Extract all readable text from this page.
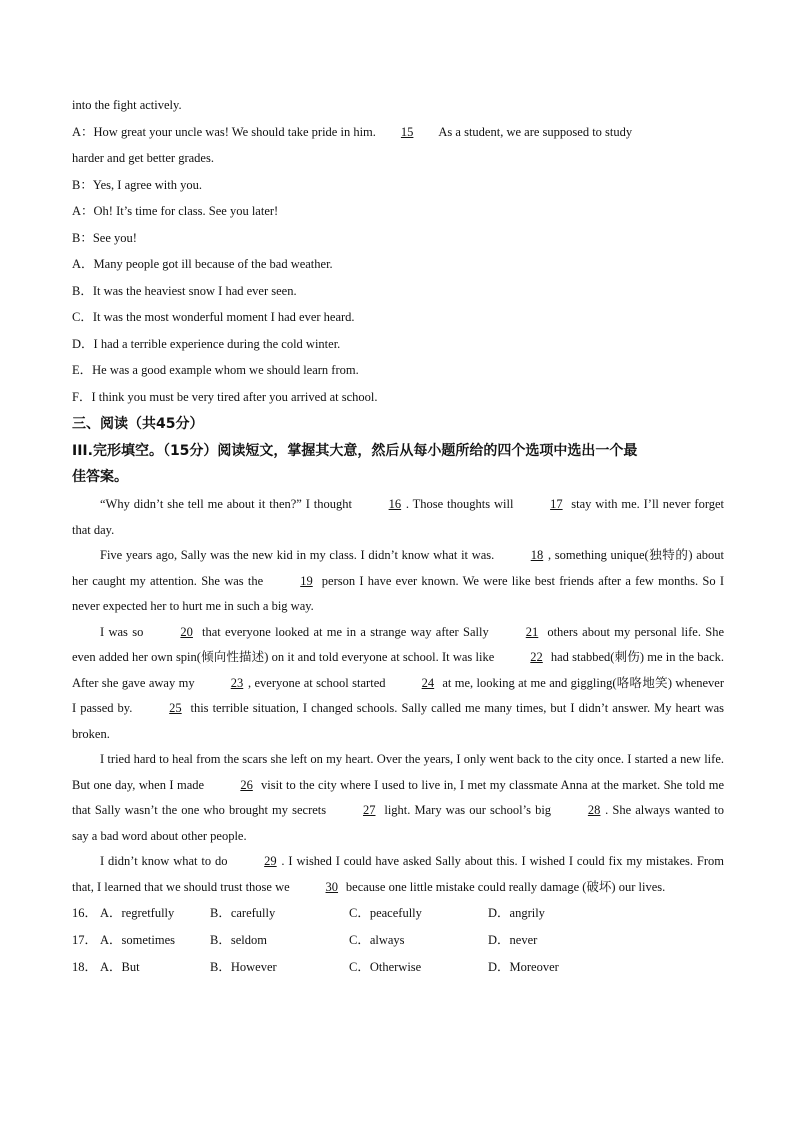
into the fight actively.
A：How great your uncle was! We should take pride in him. 15 As a student, we are supposed to study
harder and get better grades.
B：Yes, I agree with you.
A：Oh! It’s time for class. See you later!
B：See you!
A．Many people got ill because of the bad weather.
B．It was the heaviest snow I had ever seen.
C．It was the most wonderful moment I had ever heard.
D．I had a terrible experience during the cold winter.
E．He was a good example whom we should learn from.
F．I think you must be very tired after you arrived at school.
三、阅读（共45分）
III.完形填空。（15分）阅读短文，掌握其大意，然后从每小题所给的四个选项中选出一个最
佳答案。

“Why didn’t she tell me about it then?” I thought	16 . Those thoughts will	17 stay with me. I’ll never forget that day.

Five years ago, Sally was the new kid in my class. I didn’t know what it was.	18 , something unique(独特的) about her caught my attention. She was the	19 person I have ever known. We were like best friends after a few months. So I never expected her to hurt me in such a big way.

I was so	20 that everyone looked at me in a strange way after Sally	21 others about my personal life. She even added her own spin(倾向性描述) on it and told everyone at school. It was like	22 had stabbed(刺伤) me in the back. After she gave away my	23 , everyone at school started	24 at me, looking at me and giggling(咯咯地笑) whenever I passed by.	25 this terrible situation, I changed schools. Sally called me many times, but I didn’t answer. My heart was broken.

I tried hard to heal from the scars she left on my heart. Over the years, I only went back to the city once. I started a new life. But one day, when I made	26 visit to the city where I used to live in, I met my classmate Anna at the market. She told me that Sally wasn’t the one who brought my secrets	27 light. Mary was our school’s big	28 . She always wanted to say a bad word about other people.

I didn’t know what to do	29 . I wished I could have asked Sally about this. I wished I could fix my mistakes. From that, I learned that we should trust those we	30 because one little mistake could really damage (破坏) our lives.

16． A．regretfully	B．carefully	C．peacefully	D．angrily
17． A．sometimes	B．seldom	C．always	D．never
18． A．But	B．However	C．Otherwise	D．Moreover
